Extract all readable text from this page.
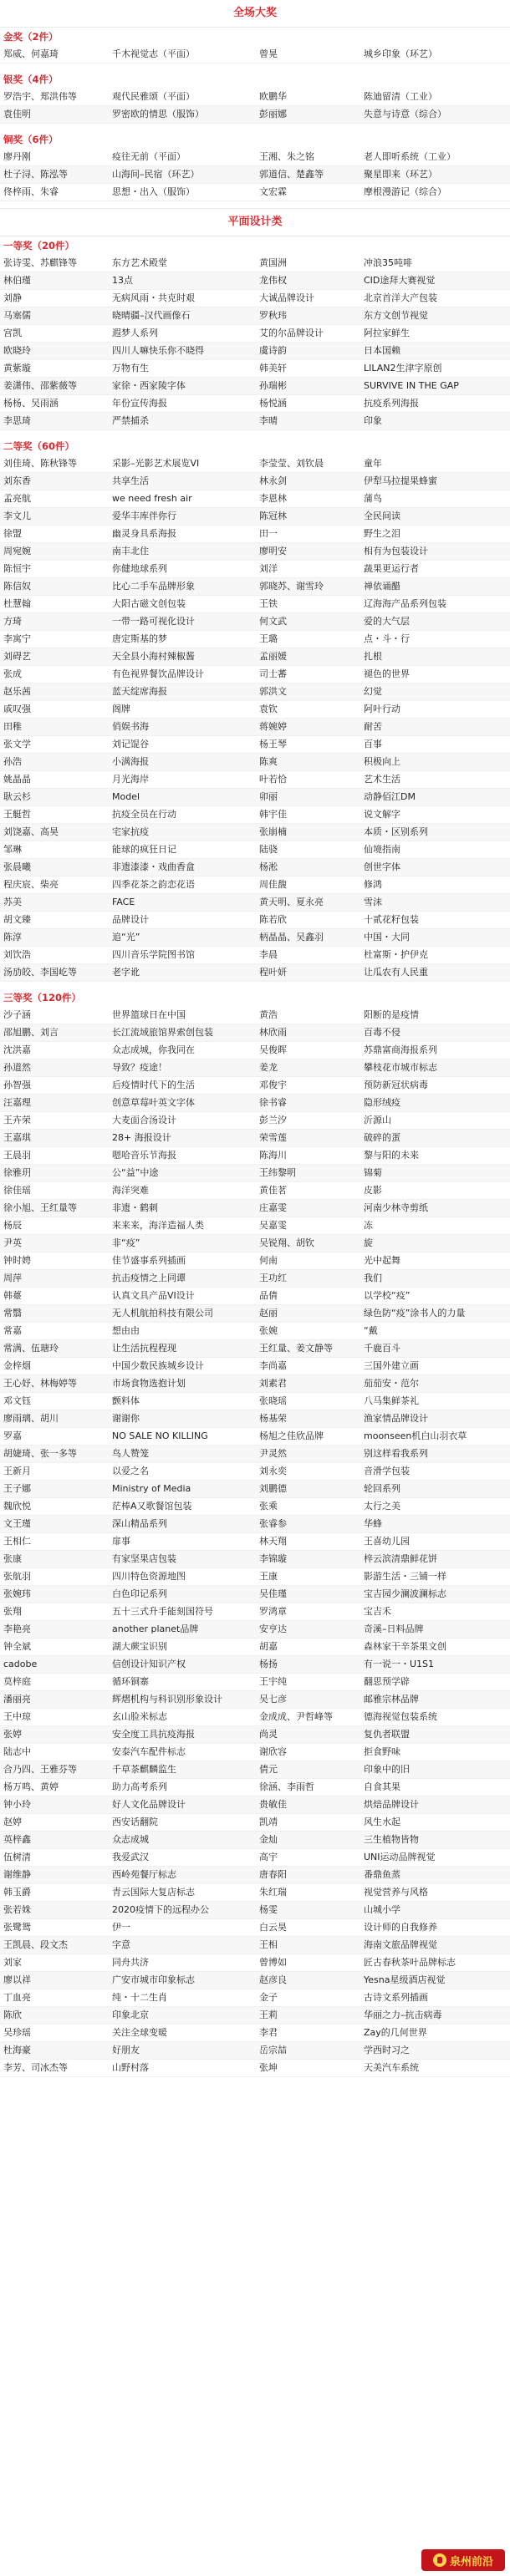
全场大奖
金奖（2件）
郑威、何嘉琦	千木视觉志（平面）	曾晃	城乡印象（环艺）
银奖（4件）
罗浩宇、郑洪伟等	观代民雅颂（平面）	欧鹏华	陈迪留清（工业）
袁佳明	罗密欧的情思（服饰）	彭丽娜	失意与诗意（综合）
铜奖（6件）
廖丹刚	疫往无前（平面）	王湘、朱之铭	老人即听系统（工业）
杜子浔、陈泓等	山海间–民宿（环艺）	郭道信、楚鑫等	聚星即来（环艺）
佟梓雨、朱睿	思想・出入（服饰）	文宏霖	摩根漫游记（综合）
平面设计类
一等奖（20件）
张诗雯、苏麒锋等	东方艺术殿堂	黄国洲	冲浪35吨啡
林伯瑾	13点	龙伟权	CID途拜大赛视觉
刘静	无病风雨・共克时艰	大诚品牌设计	北京首洋大产包装
马塞儒	晓晴疆–汉代画像石	罗秋玮	东方文创节视觉
宫凯	遐梦人系列	艾的尔品牌设计	阿拉家鲜生
欧晓玲	四川人嘛快乐你不晓得	虞诗韵	日本国赖
黄紫璇	万物有生	韩美轩	LILAN2生津字原创
姜潇伟、邵紫薇等	家徐・西家陵字体	孙瑞彬	SURVIVE IN THE GAP
杨杨、吴雨涵	年份宣传海报	杨悦涵	抗疫系列海报
李思琦	严禁捕杀	李晴	印象
二等奖（60件）
刘佳琦、陈秋锋等	采影–光影艺术展览VI	李莹莹、刘钦晨	童年
刘东香	共享生活	林永剑	伊犁马拉提果蜂蜜
孟亮航	we need fresh air	李恩林	蒲鸟
李文儿	爱华丰库伴你行	陈冠林	全民间读
徐盟	幽灵身具系海报	田一	野生之泪
周宛婉	南丰北住	廖明安	相有为包装设计
陈恒宇	你健地球系列	刘洋	蔬果更运行者
陈信奴	比心二手车品牌形象	郭晓苏、谢雪玲	禅依诵醋
杜慧翰	大阳古磁文创包装	王铁	辽海海产品系列包装
方琦	一带一路可视化设计	何文武	爱的大气层
李寓宁	唐定斯基的梦	王璐	点・斗・行
刘碍艺	天全县小海村辣椒酱	孟丽媛	扎根
张成	有色视界餐饮品牌设计	司士蕃	褪色的世界
赵乐茜	蓝天绽席海报	郭洪文	幻觉
戚叹强	阁牌	袁钦	阿叶行动
田稚	俏娱书海	蒋婉婷	耐苦
张文学	刘记馄谷	杨王琴	百事
孙浩	小满海报	陈爽	积极向上
姚晶晶	月光海岸	叶若恰	艺术生活
耿云杉	Model	卯丽	动静佰江DM
王艇哲	抗疫全员在行动	韩宇佳	说文解字
刘饶嘉、高昊	宅家抗疫	张崩楠	本质・区别系列
邹琳	能球的疯狂日记	陆骁	仙境指南
张晨曦	非遗漆漆・戏曲香盒	杨淞	创世字体
程庆宸、柴亮	四季花茶之韵恋花语	周佳馥	修鸿
苏美	FACE	黄天明、夏永亮	雪沫
胡文臻	品牌设计	陈若欣	十贰花籽包装
陈淳	追“光”	柄晶晶、吴鑫羽	中国・大同
刘饮浩	四川音乐学院图书馆	李晨	杜富斯・护伊克
汤劢皎、李国屹等	老字讹	程叶妍	让瓜农有人民重
三等奖（120件）
沙子涵	世界篮球日在中国	黄浩	阳断的是疫情
邵旭鹏、刘言	长江流域旅馆界索创包装	林欣雨	百毒不侵
沈洪嘉	众志成城，你我同在	吴俊晖	苏鼎富商海报系列
孙道然	导致？疫途！	姜龙	攀枝花市城市标志
孙智强	后疫情时代下的生活	邓俊宇	预防新冠状病毒
汪嘉理	创意草莓叶英文字体	徐书睿	隐形绒疫
王卉荣	大麦面合汤设计	彭兰汐	沂源山
王嘉琪	28+ 海报设计	荣雪莲	破碎的蛋
王晨羽	嗯哈音乐节海报	陈海川	黎与阳的未来
徐雅玥	公“益”中途	王纬黎明	锦菊
徐佳瑶	海洋突难	黄佳茗	皮影
徐小旭、王红量等	非遗・鹤刺	庄嘉雯	河南少林寺剪纸
杨辰	来来来，海洋造福人类	吴嘉雯	冻
尹英	非“疫”	吴锐翔、胡钦	旋
钟时娉	佳节盛事系列插画	何南	光中起舞
周萍	抗击疫情之上同谭	王功红	我们
韩薹	认真文具产品VI设计	品倩	以学校“疫”
常翳	无人机航拍科技有限公司	赵丽	绿色防“疫”涂书人的力量
常嘉	想由由	张婉	“戴
常满、伍瑭玲	让生活抗程程现	王红量、姜文静等	千鹿百斗
金梓烟	中国少数民族城乡设计	李尚嘉	三国外建立画
王心妤、林梅婷等	市场食物选抱计划	刘素君	茄茄安・范尔
邓文钰	颤料体	张晓瑶	八马集鲜茶礼
廖雨璃、胡川	谢谢你	杨基荣	渔家情品牌设计
罗嘉	NO SALE NO KILLING	杨旭之佳欣品牌	moonseen机白山羽衣草
胡婕琦、张一多等	鸟人赞笼	尹灵然	别这样看我系列
王新月	以爱之名	刘永奕	音滑学包装
王子娜	Ministry of Media	刘鹏德	轮回系列
魏欣悦	茫棒A又歌餐馆包装	张乘	太行之美
文王瑾	深山精品系列	张睿参	华蜂
王相仁	扉事	林天翔	王喜幼儿园
张康	有家坚果店包装	李锦璇	梓云滨清鼎鲜花饼
张航羽	四川特色资源地图	王康	影游生活・三铺一样
张婉玮	白色印记系列	吴佳瑾	宝吉园少澜波澜标志
张翔	五十三式升手能刻国符号	罗鸿章	宝吉禾
李艳亮	another planet品牌	安亨达	奇溪–日料品牌
钟全斌	湖大蕨宝识别	胡嘉	森林家干辛茶果文创
cadobe	信创设计知识产权	杨扬	有一说一・U1S1
莫梓庭	循环铜寨	王宇纯	翻思预学辟
潘丽亮	辉熠机构与科识别形象设计	吴七彦	邮雅宗林品牌
王中琼	玄山脸米标志	金成成、尹哲峰等	德海视觉包装系统
张婷	安全度工具抗疫海报	尚灵	复仇者联盟
陆志中	安泰汽车配件标志	谢欣容	拒食野味
合乃四、王雅芬等	千草茶麒麟监生	倩元	印象中的旧
杨万鸣、黄婷	助力高考系列	徐涵、李雨哲	自食其果
钟小玲	好人文化品牌设计	贵敏佳	烘焙品牌设计
赵婷	西安话翻院	凯靖	风生水起
英梓鑫	众志成城	金灿	三生植物皆物
伍树清	我爱武汉	高宇	UNI运动品牌视觉
谢维静	西岭苑餐厅标志	唐春阳	番鼎鱼蒸
韩玉爵	青云国际大复店标志	朱红瑞	视觉营养与风格
张若姝	2020疫情下的远程办公	杨雯	山城小学
张鹭鸳	伊一	白云昊	设计师的自我修养
王凯晨、段文杰	字意	王相	海南文旅品牌视觉
刘家	同舟共济	曾博如	匠古春秋茶叶品牌标志
廖以祥	广安市城市印象标志	赵彦良	Yesna星级酒店视觉
丁血亮	纯・十二生肖	金子	古诗文系列插画
陈欣	印象北京	王莉	华丽之力–抗击病毒
吴珍瑶	关注全球变暖	李君	Zay的几何世界
杜海豪	好朋友	岳宗喆	学西时习之
李芳、司冰杰等	山野村落	张坤	天美汽车系统
泉州前沿
